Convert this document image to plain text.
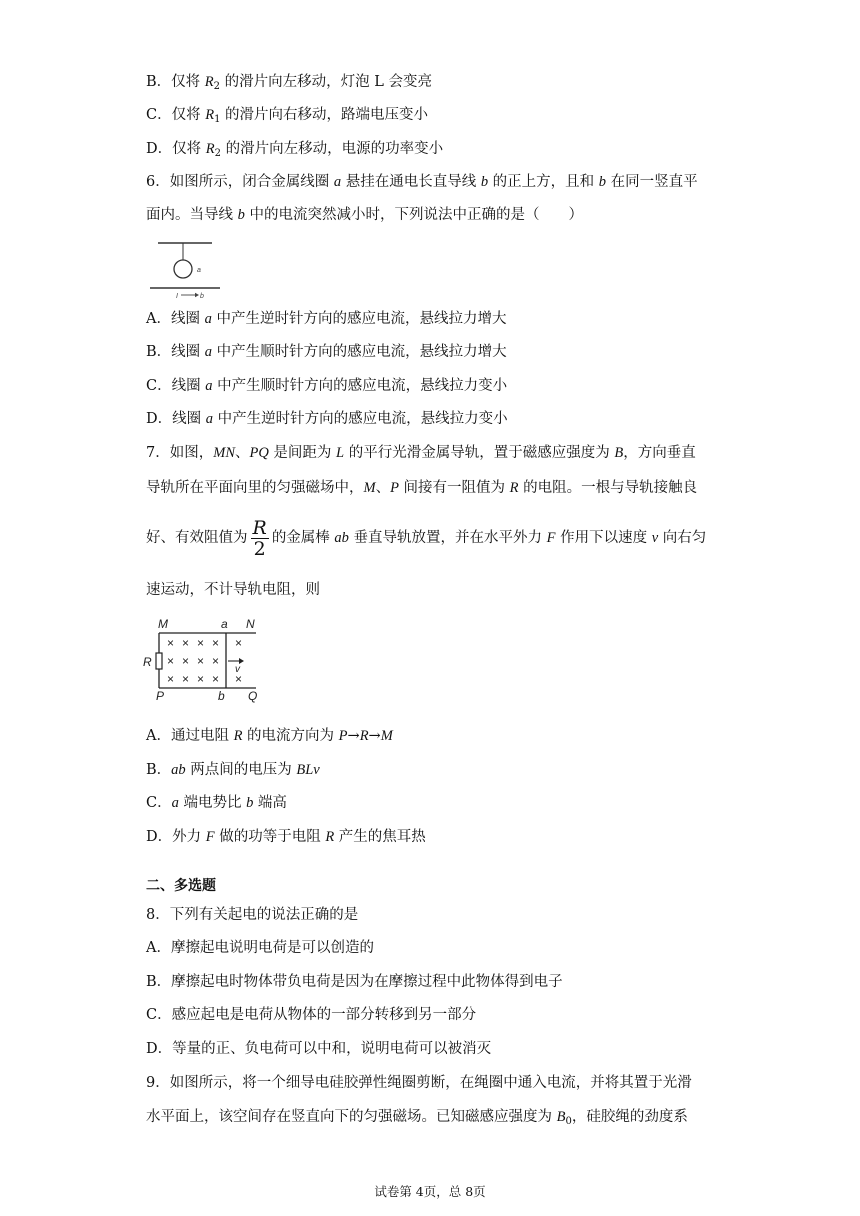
B．仅将 $R_2$ 的滑片向左移动，灯泡 L 会变亮
C．仅将 $R_1$ 的滑片向右移动，路端电压变小
D．仅将 $R_2$ 的滑片向左移动，电源的功率变小
6．如图所示，闭合金属线圈 a 悬挂在通电长直导线 b 的正上方，且和 b 在同一竖直平
面内。当导线 b 中的电流突然减小时，下列说法中正确的是（　　）
a
I	b
A．线圈 a 中产生逆时针方向的感应电流，悬线拉力增大
B．线圈 a 中产生顺时针方向的感应电流，悬线拉力增大
C．线圈 a 中产生顺时针方向的感应电流，悬线拉力变小
D．线圈 a 中产生逆时针方向的感应电流，悬线拉力变小
7．如图，MN、PQ 是间距为 L 的平行光滑金属导轨，置于磁感应强度为 B，方向垂直
导轨所在平面向里的匀强磁场中，M、P 间接有一阻值为 R 的电阻。一根与导轨接触良
好、有效阻值为 $\frac{R}{2}$ 的金属棒 ab 垂直导轨放置，并在水平外力 F 作用下以速度 v 向右匀
速运动，不计导轨电阻，则
M	a N
R
P	b Q
× × × × ×
× × × ×
× × × × ×
v
A．通过电阻 R 的电流方向为 P→R→M
B．ab 两点间的电压为 BLv
C．a 端电势比 b 端高
D．外力 F 做的功等于电阻 R 产生的焦耳热
二、多选题
8．下列有关起电的说法正确的是
A．摩擦起电说明电荷是可以创造的
B．摩擦起电时物体带负电荷是因为在摩擦过程中此物体得到电子
C．感应起电是电荷从物体的一部分转移到另一部分
D．等量的正、负电荷可以中和，说明电荷可以被消灭
9．如图所示，将一个细导电硅胶弹性绳圈剪断，在绳圈中通入电流，并将其置于光滑
水平面上，该空间存在竖直向下的匀强磁场。已知磁感应强度为 $B_0$，硅胶绳的劲度系
试卷第 4页，总 8页
